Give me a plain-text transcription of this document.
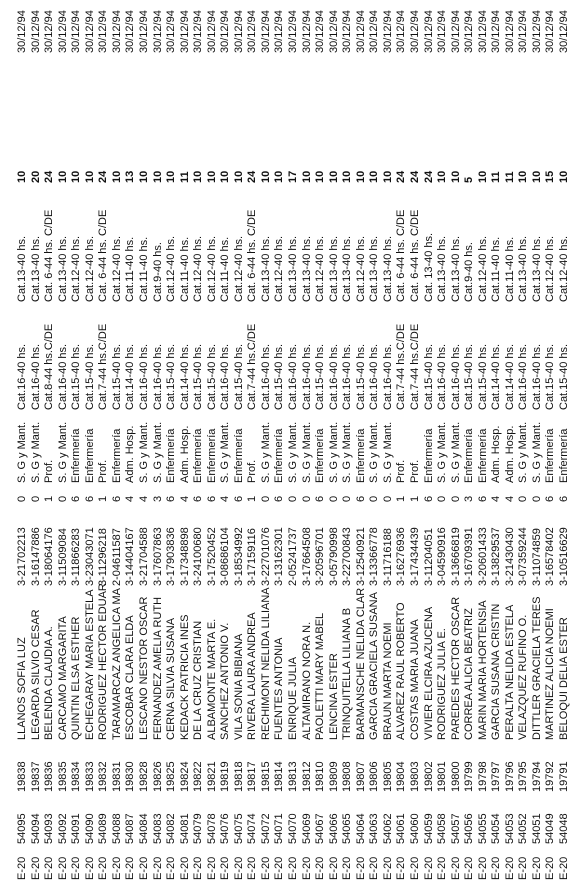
E-20
54048
19791
BELOQUI DELIA ESTER
3-10516629
6
Enfermería
Cat.15-40 hs.
Cat.12-40 hs.
10
30/12/94
E-20
54049
19792
MARTINEZ ALICIA NOEMI
3-16578402
6
Enfermería
Cat.15-40 hs.
Cat.12-40 hs.
15
30/12/94
E-20
54051
19794
DITTLER GRACIELA TERES
3-11074859
0
S. G y Mant.
Cat.16-40 hs.
Cat.13-40 hs.
10
30/12/94
E-20
54052
19795
VELAZQUEZ RUFINO O.
3-07359244
0
S. G y Mant.
Cat.16-40 hs.
Cat.13-40 hs.
10
30/12/94
E-20
54053
19796
PERALTA NELIDA ESTELA
3-21430430
4
Adm. Hosp.
Cat.14-40 hs.
Cat.11-40 hs.
11
30/12/94
E-20
54054
19797
GARCIA SUSANA CRISTIN
3-13829537
4
Adm. Hosp.
Cat.14-40 hs.
Cat.11-40 hs.
11
30/12/94
E-20
54055
19798
MARIN MARIA HORTENSIA
3-20601433
6
Enfermería
Cat.15-40 hs.
Cat.12-40 hs.
10
30/12/94
E-20
54056
19799
CORREA ALICIA BEATRIZ
3-16709391
3
Enfermería
Cat.15-40 hs.
Cat.9-40 hs.
5
30/12/94
E-20
54057
19800
PAREDES HECTOR OSCAR
3-13666819
0
S. G y Mant.
Cat.16-40 hs.
Cat.13-40 hs.
10
30/12/94
E-20
54058
19801
RODRIGUEZ JULIA E.
3-04590916
0
S. G y Mant.
Cat.16-40 hs.
Cat.13-40 hs.
10
30/12/94
E-20
54059
19802
VIVIER ELCIRA AZUCENA
3-11204051
6
Enfermería
Cat.15-40 hs.
Cat. 13-40 hs.
24
30/12/94
E-20
54060
19803
COSTAS MARIA JUANA
3-17434439
1
Prof.
Cat.7-44 hs.C/DE
Cat. 6-44 hs. C/DE
24
30/12/94
E-20
54061
19804
ALVAREZ RAUL ROBERTO
3-16276936
1
Prof.
Cat.7-44 hs.C/DE
Cat. 6-44 hs. C/DE
24
30/12/94
E-20
54062
19805
BRAUN MARTA NOEMI
3-11716188
0
S. G y Mant.
Cat.16-40 hs.
Cat.13-40 hs.
10
30/12/94
E-20
54063
19806
GARCIA GRACIELA SUSANA
3-13366778
0
S. G y Mant.
Cat.16-40 hs.
Cat.13-40 hs.
10
30/12/94
E-20
54064
19807
BARMANSCHE NELIDA CLAR
3-12540921
6
Enfermería
Cat.15-40 hs.
Cat.12-40 hs.
10
30/12/94
E-20
54065
19808
TRINQUITELLA LILIANA B
3-22700843
0
S. G y Mant.
Cat.16-40 hs.
Cat.13-40 hs.
10
30/12/94
E-20
54066
19809
LENCINA ESTER
3-05790998
0
S. G y Mant.
Cat.16-40 hs.
Cat.13-40 hs.
10
30/12/94
E-20
54067
19810
PAOLETTI MARY MABEL
3-20596701
6
Enfermería
Cat.15-40 hs.
Cat.12-40 hs.
10
30/12/94
E-20
54069
19812
ALTAMIRANO NORA N.
3-17664508
0
S. G y Mant.
Cat.16-40 hs.
Cat.13-40 hs.
10
30/12/94
E-20
54070
19813
ENRIQUE JULIA
2-05241737
0
S. G y Mant.
Cat.16-40 hs.
Cat.13-40 hs.
17
30/12/94
E-20
54071
19814
FUENTES ANTONIA
3-13162301
6
Enfermería
Cat.15-40 hs.
Cat.12-40 hs.
10
30/12/94
E-20
54072
19815
RECHIMONT NELIDA LILIANA
3-22701076
0
S. G y Mant.
Cat.16-40 hs.
Cat.13-40 hs.
10
30/12/94
E-20
54074
19817
RIVERA LAURA ANDREA
3-17159116
1
Prof.
Cat.7-44 hs.C/DE
Cat. 6-44 hs. C/DE
24
30/12/94
E-20
54075
19818
VILA SONIA BIBIANA
3-18534992
6
Enfermería
Cat.15-40 hs.
Cat.12-40 hs.
10
30/12/94
E-20
54076
19819
SANCHEZ ANTONIO V.
3-08686104
4
S. G y Mant.
Cat.16-40 hs.
Cat.11-40 hs.
10
30/12/94
E-20
54078
19821
ALBAMONTE MARTA E.
3-17520452
6
Enfermería
Cat.15-40 hs.
Cat.12-40 hs.
10
30/12/94
E-20
54079
19822
DE LA CRUZ CRISTIAN
3-24100680
6
Enfermería
Cat.15-40 hs.
Cat.12-40 hs.
10
30/12/94
E-20
54081
19824
KEDACK PATRICIA INES
3-17348898
4
Adm. Hosp.
Cat.14-40 hs.
Cat.11-40 hs.
11
30/12/94
E-20
54082
19825
CERNA SILVIA SUSANA
3-17903836
6
Enfermería
Cat.15-40 hs.
Cat.12-40 hs.
10
30/12/94
E-20
54083
19826
FERNANDEZ AMELIA RUTH
3-17607863
3
S. G y Mant.
Cat.16-40 hs.
Cat.9-40 hs.
10
30/12/94
E-20
54084
19828
LESCANO NESTOR OSCAR
3-21704588
4
S. G y Mant.
Cat.16-40 hs.
Cat.11-40 hs.
10
30/12/94
E-20
54087
19830
ESCOBAR CLARA ELDA
3-14404167
4
Adm. Hosp.
Cat.14-40 hs.
Cat.11-40 hs.
13
30/12/94
E-20
54088
19831
TARAMARCAZ ANGELICA MA
2-04611587
6
Enfermería
Cat.15-40 hs.
Cat.12-40 hs.
10
30/12/94
E-20
54089
19832
RODRIGUEZ HECTOR EDUAR
3-11296218
1
Prof.
Cat.7-44 hs.C/DE
Cat. 6-44 hs. C/DE
24
30/12/94
E-20
54090
19833
ECHEGARAY MARIA ESTELA
3-23043071
6
Enfermería
Cat.15-40 hs.
Cat.12-40 hs.
10
30/12/94
E-20
54091
19834
QUINTIN ELSA ESTHER
3-11866283
6
Enfermería
Cat.15-40 hs.
Cat.12-40 hs.
10
30/12/94
E-20
54092
19835
CARCAMO MARGARITA
3-11509084
0
S. G y Mant.
Cat.16-40 hs.
Cat.13-40 hs.
10
30/12/94
E-20
54093
19836
BELENDA CLAUDIA A.
3-18064176
1
Prof.
Cat.8-44 hs.C/DE
Cat. 6-44 hs. C/DE
24
30/12/94
E-20
54094
19837
LEGARDA SILVIO CESAR
3-16147886
0
S. G y Mant.
Cat.16-40 hs.
Cat.13-40 hs.
20
30/12/94
E-20
54095
19838
LLANOS SOFIA LUZ
3-21702213
0
S. G y Mant.
Cat.16-40 hs.
Cat.13-40 hs.
10
30/12/94
